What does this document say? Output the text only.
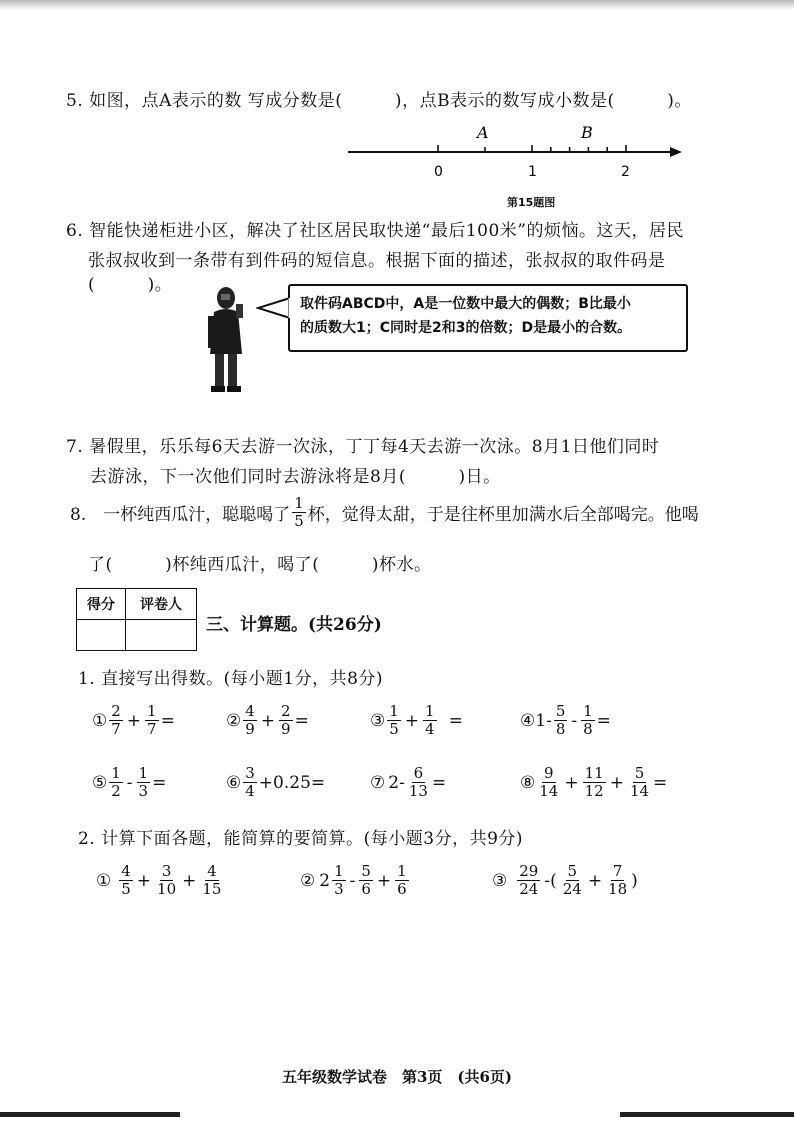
5. 如图，点A表示的数 写成分数是(　　　)，点B表示的数写成小数是(　　　)。
0	1	2
A	B
第15题图
6. 智能快递柜进小区，解决了社区居民取快递“最后100米”的烦恼。这天，居民
张叔叔收到一条带有到件码的短信息。根据下面的描述，张叔叔的取件码是
(　　　)。
取件码ABCD中，A是一位数中最大的偶数；B比最小
的质数大1；C同时是2和3的倍数；D是最小的合数。
7. 暑假里，乐乐每6天去游一次泳，丁丁每4天去游一次泳。8月1日他们同时
去游泳，下一次他们同时去游泳将是8月(　　　)日。
8.　一杯纯西瓜汁，聪聪喝了 $\frac{1}{5}$ 杯，觉得太甜，于是往杯里加满水后全部喝完。他喝
了(　　　)杯纯西瓜汁，喝了(　　　)杯水。
得分	评卷人

三、计算题。(共26分)
1. 直接写出得数。(每小题1分，共8分)
① $\frac{2}{7} + \frac{1}{7}$ =	② $\frac{4}{9} + \frac{2}{9}$ =	③ $\frac{1}{5} + \frac{1}{4}$ =	④ $1- \frac{5}{8} - \frac{1}{8}$ =
⑤ $\frac{1}{2} - \frac{1}{3}$ =	⑥ $\frac{3}{4} +0.25=$	⑦ $2- \frac{6}{13}$ =	⑧ $\frac{9}{14} + \frac{11}{12} + \frac{5}{14}$ =
2. 计算下面各题，能简算的要简算。(每小题3分，共9分)
① $\frac{4}{5} + \frac{3}{10} + \frac{4}{15}$	② $2 \frac{1}{3} - \frac{5}{6} + \frac{1}{6}$	③ $\frac{29}{24}$ -( $\frac{5}{24} + \frac{7}{18}$ )
五年级数学试卷　第3页　(共6页)
